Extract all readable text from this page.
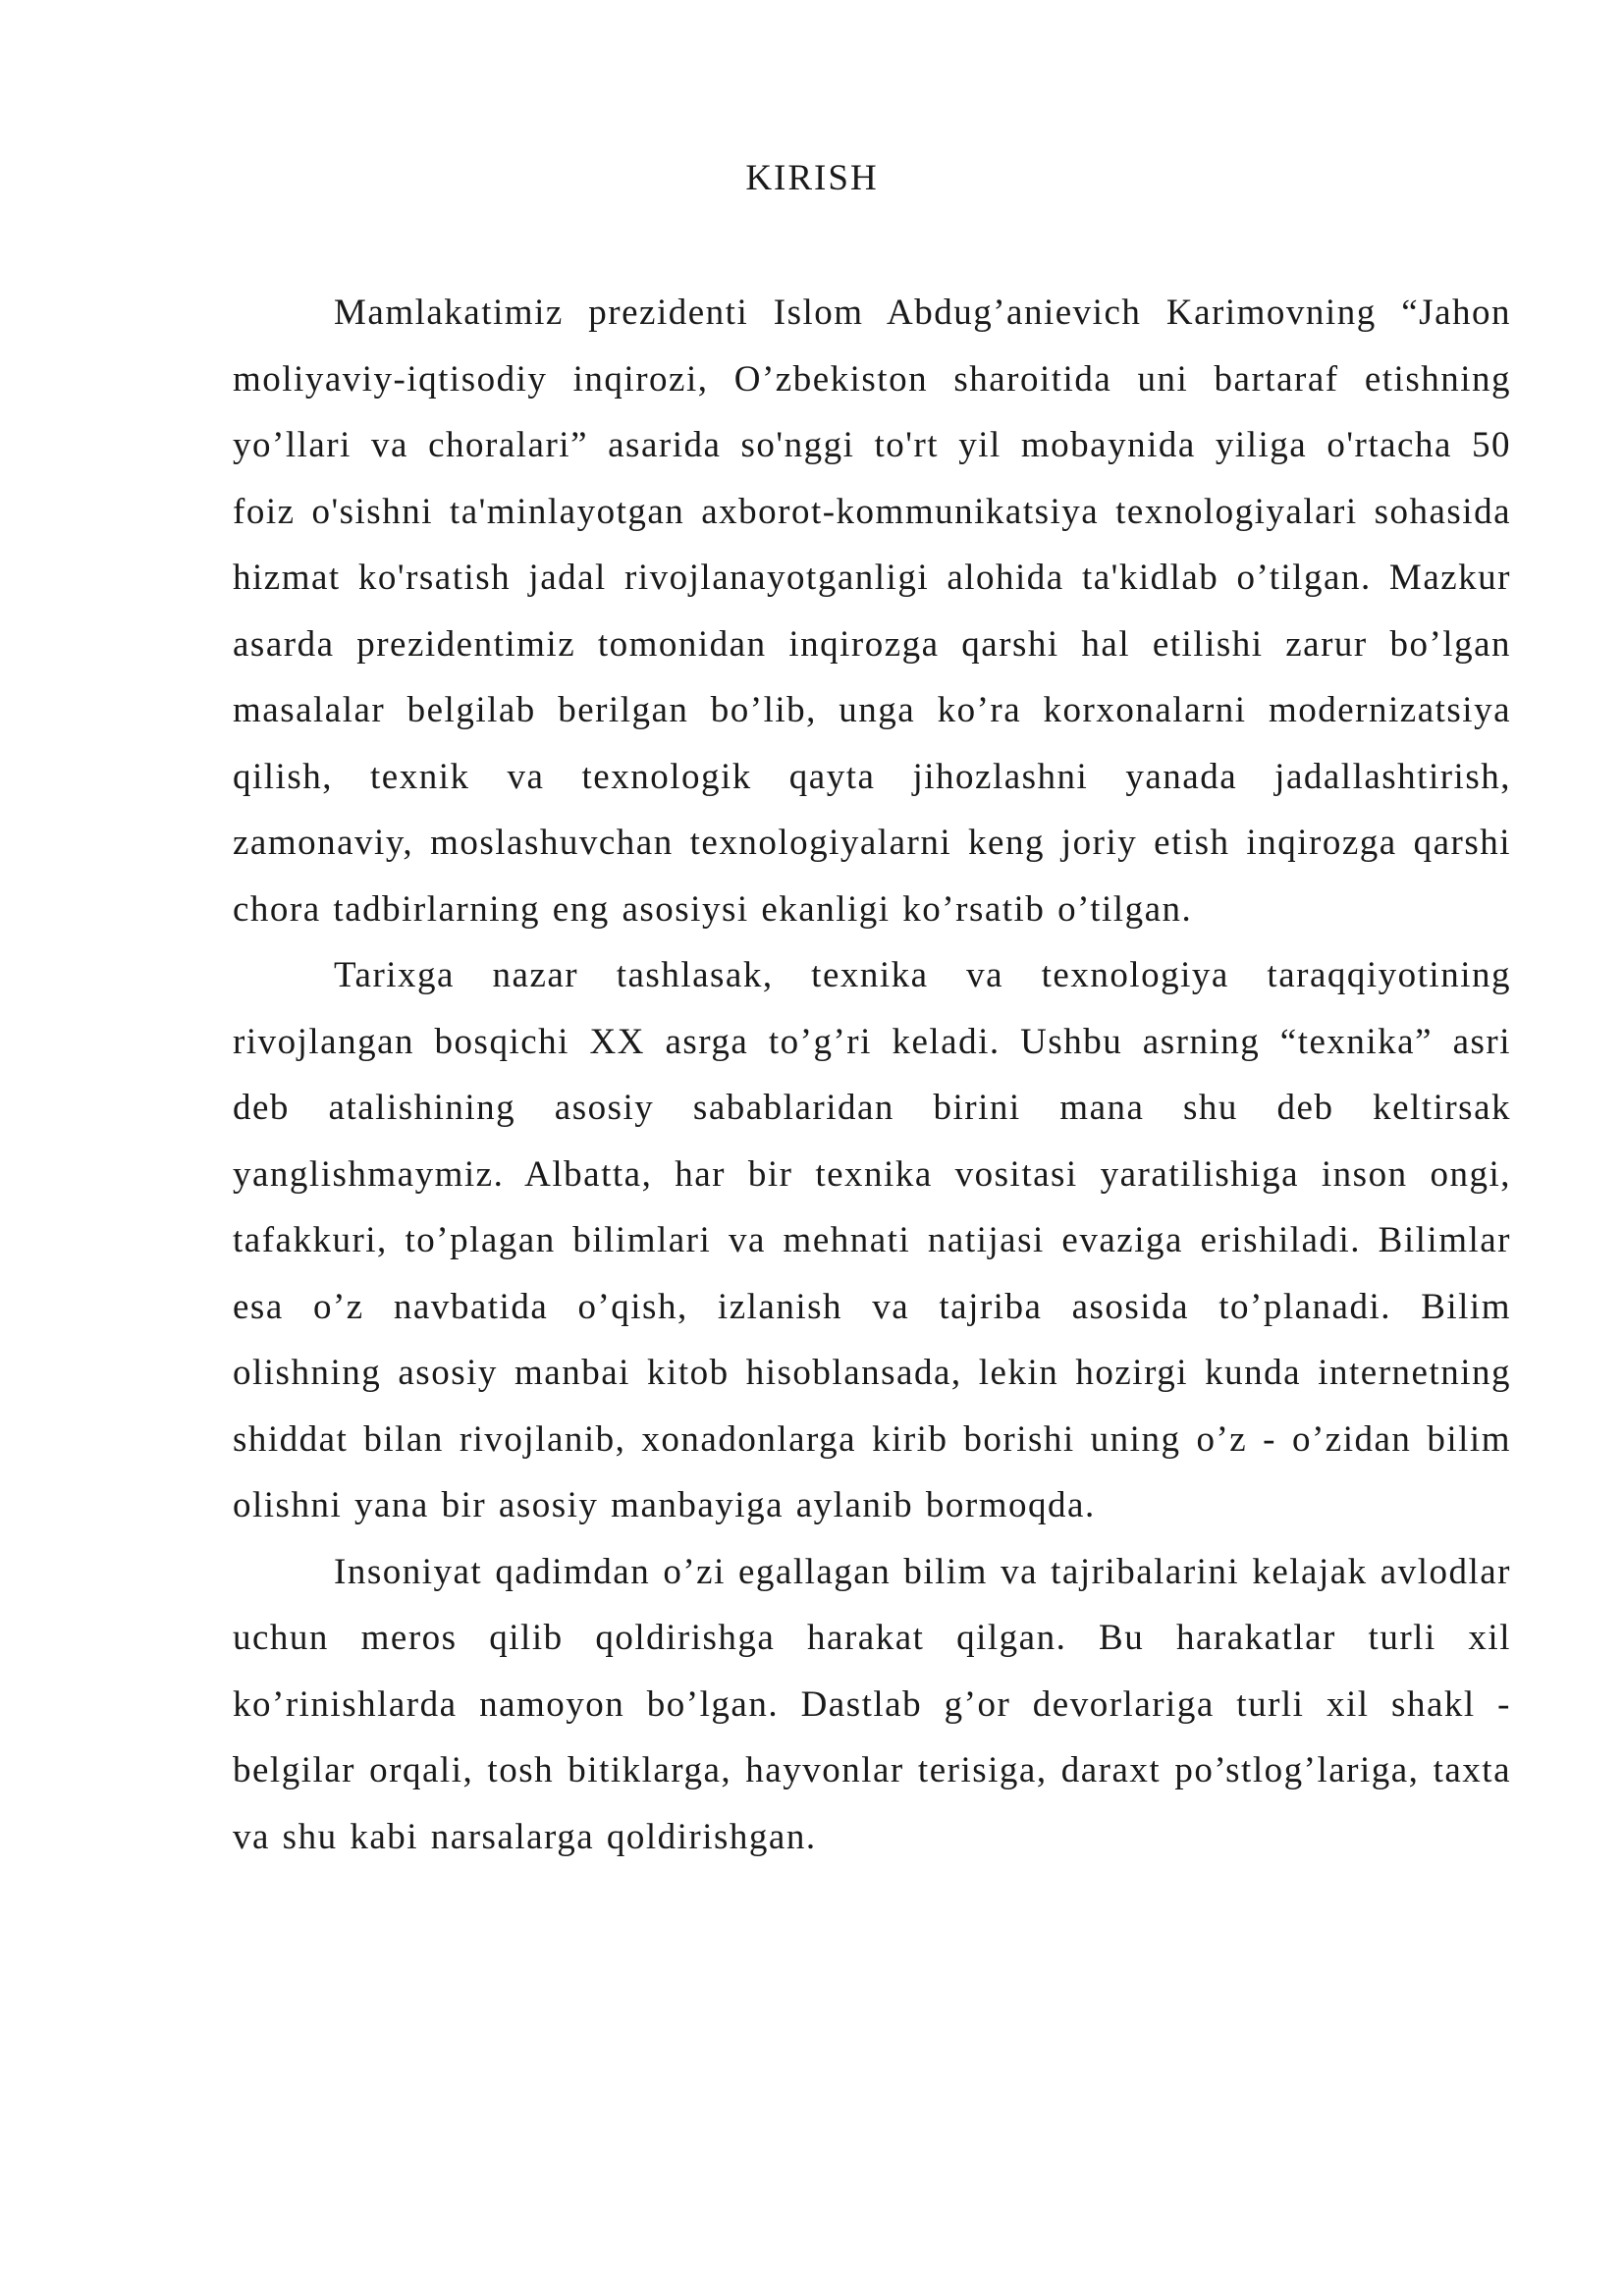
KIRISH

Mamlakatimiz prezidenti Islom Abdug’anievich Karimovning “Jahon moliyaviy-iqtisodiy inqirozi, O’zbekiston sharoitida uni bartaraf etishning yo’llari va choralari” asarida so'nggi to'rt yil mobaynida yiliga o'rtacha 50 foiz o'sishni ta'minlayotgan axborot-kommunikatsiya texnologiyalari sohasida hizmat ko'rsatish jadal rivojlanayotganligi alohida ta'kidlab o’tilgan. Mazkur asarda prezidentimiz tomonidan inqirozga qarshi hal etilishi zarur bo’lgan masalalar belgilab berilgan bo’lib, unga ko’ra korxonalarni modernizatsiya qilish, texnik va texnologik qayta jihozlashni yanada jadallashtirish, zamonaviy, moslashuvchan texnologiyalarni keng joriy etish inqirozga qarshi chora tadbirlarning eng asosiysi ekanligi ko’rsatib o’tilgan.

Tarixga nazar tashlasak, texnika va texnologiya taraqqiyotining rivojlangan bosqichi XX asrga to’g’ri keladi. Ushbu asrning “texnika” asri deb atalishining asosiy sabablaridan birini mana shu deb keltirsak yanglishmaymiz. Albatta, har bir texnika vositasi yaratilishiga inson ongi, tafakkuri, to’plagan bilimlari va mehnati natijasi evaziga erishiladi. Bilimlar esa o’z navbatida o’qish, izlanish va tajriba asosida to’planadi. Bilim olishning asosiy manbai kitob hisoblansada, lekin hozirgi kunda internetning shiddat bilan rivojlanib, xonadonlarga kirib borishi uning o’z - o’zidan bilim olishni yana bir asosiy manbayiga aylanib bormoqda.

Insoniyat qadimdan o’zi egallagan bilim va tajribalarini kelajak avlodlar uchun meros qilib qoldirishga harakat qilgan. Bu harakatlar turli xil ko’rinishlarda namoyon bo’lgan. Dastlab g’or devorlariga turli xil shakl - belgilar orqali, tosh bitiklarga, hayvonlar terisiga, daraxt po’stlog’lariga, taxta va shu kabi narsalarga qoldirishgan.
